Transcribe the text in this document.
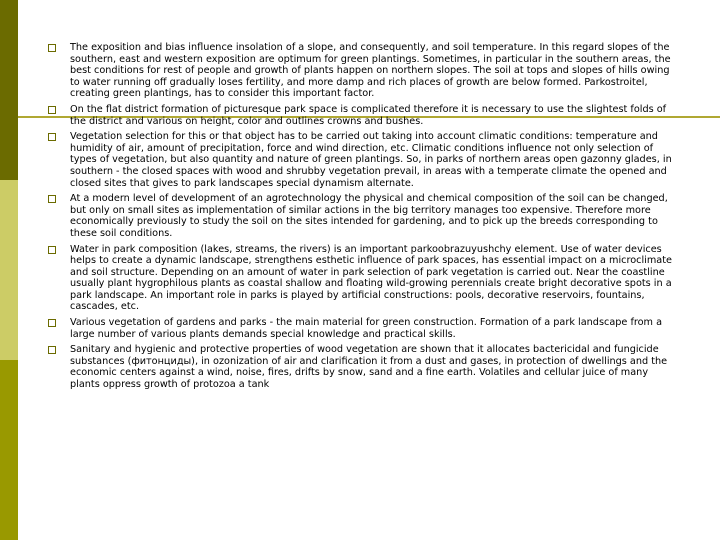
The exposition and bias influence insolation of a slope, and consequently, and soil temperature. In this regard slopes of the southern, east and western exposition are optimum for green plantings. Sometimes, in particular in the southern areas, the best conditions for rest of people and growth of plants happen on northern slopes. The soil at tops and slopes of hills owing to water running off gradually loses fertility, and more damp and rich places of growth are below formed. Parkostroitel, creating green plantings, has to consider this important factor.
On the flat district formation of picturesque park space is complicated therefore it is necessary to use the slightest folds of the district and various on height, color and outlines crowns and bushes.
Vegetation selection for this or that object has to be carried out taking into account climatic conditions: temperature and humidity of air, amount of precipitation, force and wind direction, etc. Climatic conditions influence not only selection of types of vegetation, but also quantity and nature of green plantings. So, in parks of northern areas open gazonny glades, in southern - the closed spaces with wood and shrubby vegetation prevail, in areas with a temperate climate the opened and closed sites that gives to park landscapes special dynamism alternate.
At a modern level of development of an agrotechnology the physical and chemical composition of the soil can be changed, but only on small sites as implementation of similar actions in the big territory manages too expensive. Therefore more economically previously to study the soil on the sites intended for gardening, and to pick up the breeds corresponding to these soil conditions.
Water in park composition (lakes, streams, the rivers) is an important parkoobrazuyushchy element. Use of water devices helps to create a dynamic landscape, strengthens esthetic influence of park spaces, has essential impact on a microclimate and soil structure. Depending on an amount of water in park selection of park vegetation is carried out. Near the coastline usually plant hygrophilous plants as coastal shallow and floating wild-growing perennials create bright decorative spots in a park landscape. An important role in parks is played by artificial constructions: pools, decorative reservoirs, fountains, cascades, etc.
Various vegetation of gardens and parks - the main material for green construction. Formation of a park landscape from a large number of various plants demands special knowledge and practical skills.
Sanitary and hygienic and protective properties of wood vegetation are shown that it allocates bactericidal and fungicide substances (фитонциды), in ozonization of air and clarification it from a dust and gases, in protection of dwellings and the economic centers against a wind, noise, fires, drifts by snow, sand and a fine earth. Volatiles and cellular juice of many plants oppress growth of protozoa a tank
